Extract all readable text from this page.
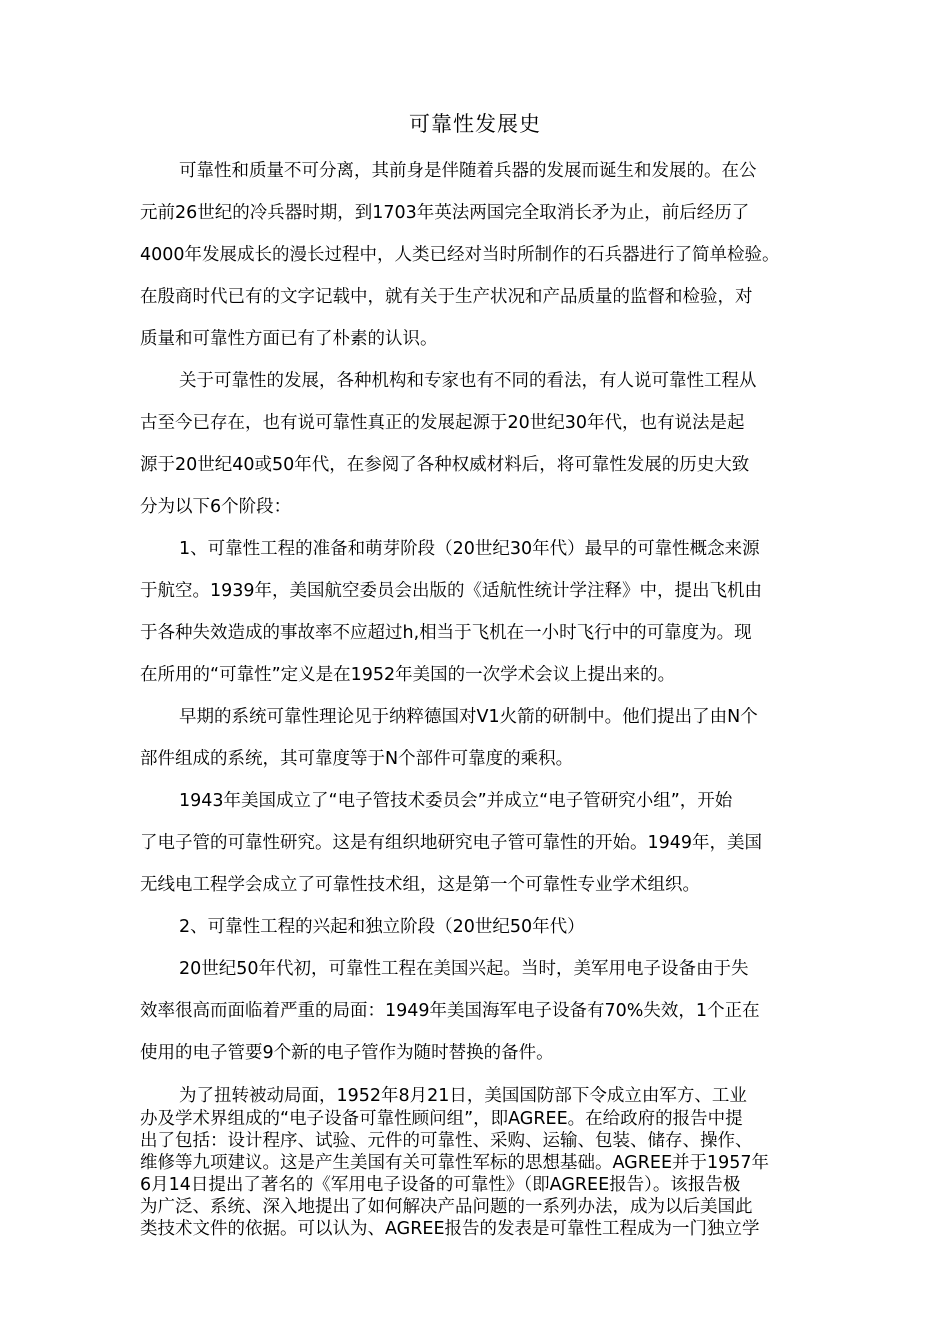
可靠性发展史
可靠性和质量不可分离，其前身是伴随着兵器的发展而诞生和发展的。在公
元前26世纪的冷兵器时期，到1703年英法两国完全取消长矛为止，前后经历了
4000年发展成长的漫长过程中，人类已经对当时所制作的石兵器进行了简单检验。
在殷商时代已有的文字记载中，就有关于生产状况和产品质量的监督和检验，对
质量和可靠性方面已有了朴素的认识。
关于可靠性的发展，各种机构和专家也有不同的看法，有人说可靠性工程从
古至今已存在，也有说可靠性真正的发展起源于20世纪30年代，也有说法是起
源于20世纪40或50年代，在参阅了各种权威材料后，将可靠性发展的历史大致
分为以下6个阶段：
1、可靠性工程的准备和萌芽阶段（20世纪30年代）最早的可靠性概念来源
于航空。1939年，美国航空委员会出版的《适航性统计学注释》中，提出飞机由
于各种失效造成的事故率不应超过h,相当于飞机在一小时飞行中的可靠度为。现
在所用的“可靠性”定义是在1952年美国的一次学术会议上提出来的。
早期的系统可靠性理论见于纳粹德国对V1火箭的研制中。他们提出了由N个
部件组成的系统，其可靠度等于N个部件可靠度的乘积。
1943年美国成立了“电子管技术委员会”并成立“电子管研究小组”，开始
了电子管的可靠性研究。这是有组织地研究电子管可靠性的开始。1949年，美国
无线电工程学会成立了可靠性技术组，这是第一个可靠性专业学术组织。
2、可靠性工程的兴起和独立阶段（20世纪50年代）
20世纪50年代初，可靠性工程在美国兴起。当时，美军用电子设备由于失
效率很高而面临着严重的局面：1949年美国海军电子设备有70%失效，1个正在
使用的电子管要9个新的电子管作为随时替换的备件。
为了扭转被动局面，1952年8月21日，美国国防部下令成立由军方、工业
办及学术界组成的“电子设备可靠性顾问组”，即AGREE。在给政府的报告中提
出了包括：设计程序、试验、元件的可靠性、采购、运输、包装、储存、操作、
维修等九项建议。这是产生美国有关可靠性军标的思想基础。AGREE并于1957年
6月14日提出了著名的《军用电子设备的可靠性》（即AGREE报告）。该报告极
为广泛、系统、深入地提出了如何解决产品问题的一系列办法，成为以后美国此
类技术文件的依据。可以认为、AGREE报告的发表是可靠性工程成为一门独立学
